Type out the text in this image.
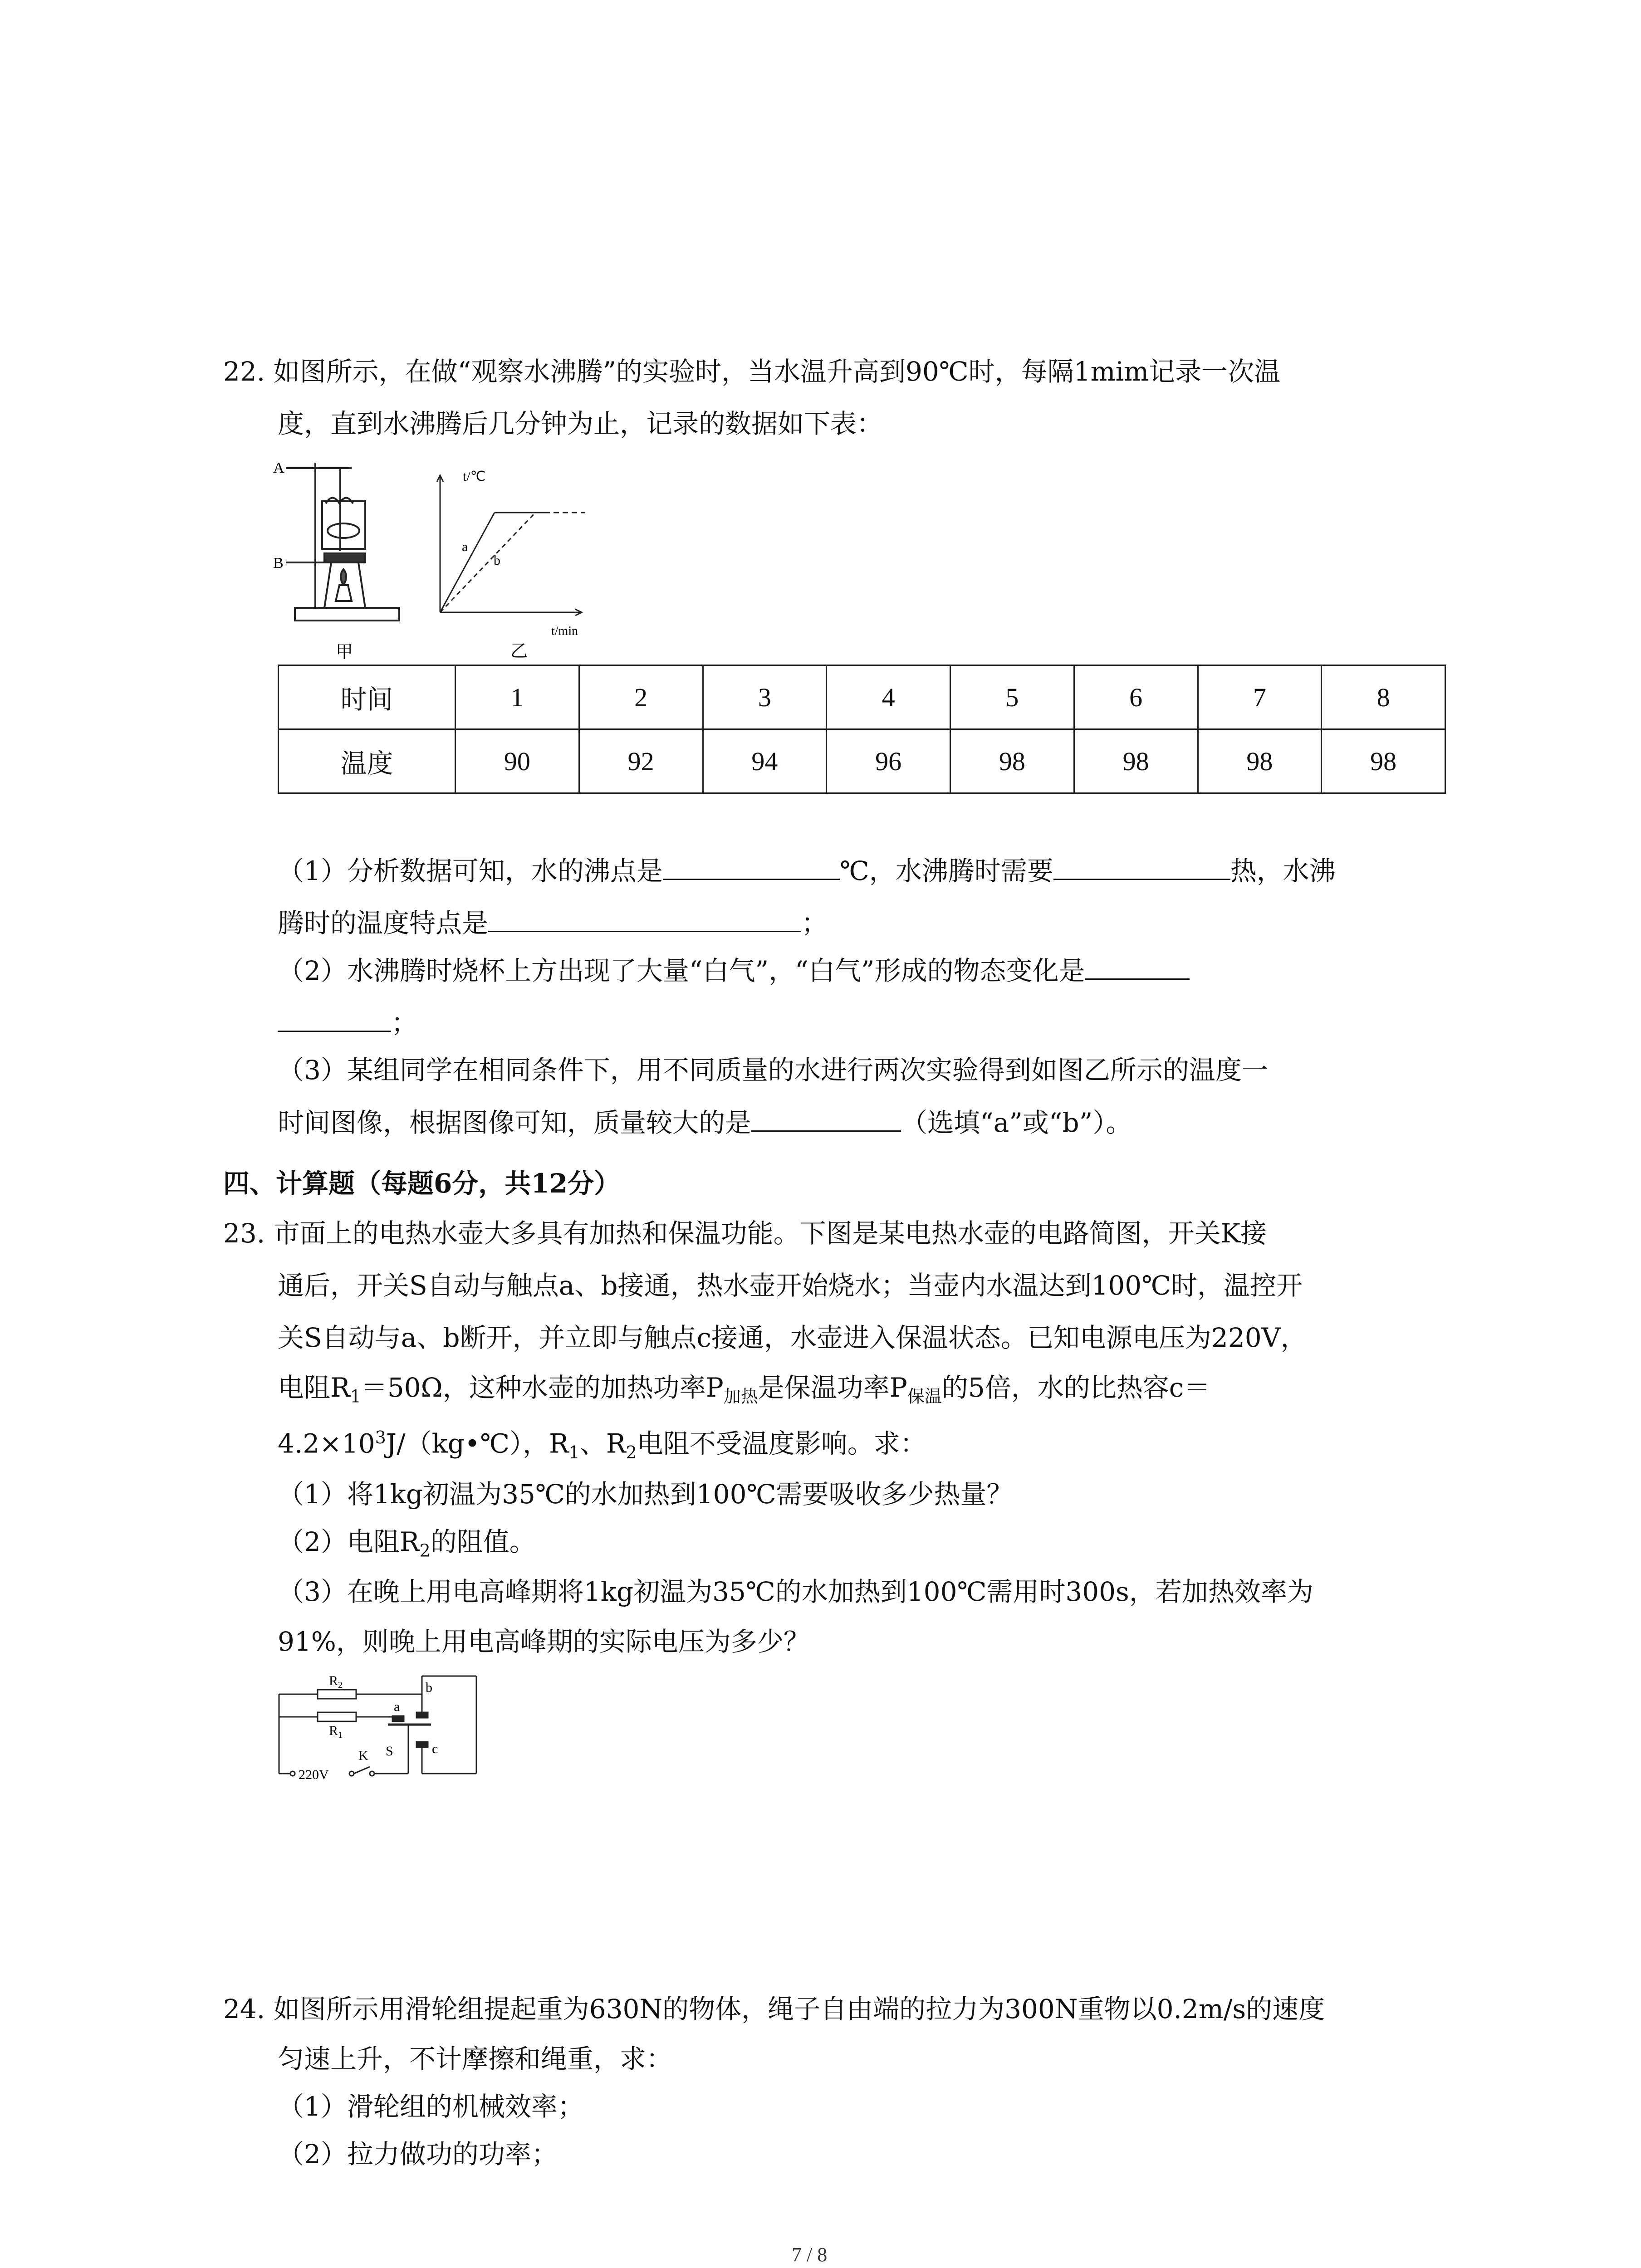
22. 如图所示，在做“观察水沸腾”的实验时，当水温升高到90℃时，每隔1mim记录一次温
度，直到水沸腾后几分钟为止，记录的数据如下表：
A
B
甲
t/℃
t/min
a
b
乙
时间	1	2	3	4	5	6	7	8
温度	90	92	94	96	98	98	98	98
（1）分析数据可知，水的沸点是	℃，水沸腾时需要	热，水沸
腾时的温度特点是	；
（2）水沸腾时烧杯上方出现了大量“白气”，“白气”形成的物态变化是
；
（3）某组同学在相同条件下，用不同质量的水进行两次实验得到如图乙所示的温度一
时间图像，根据图像可知，质量较大的是	（选填“a”或“b”）。
四、计算题（每题6分，共12分）
23. 市面上的电热水壶大多具有加热和保温功能。下图是某电热水壶的电路简图，开关K接
通后，开关S自动与触点a、b接通，热水壶开始烧水；当壶内水温达到100℃时，温控开
关S自动与a、b断开，并立即与触点c接通，水壶进入保温状态。已知电源电压为220V，
电阻$R_1=50\Omega$，这种水壶的加热功率$P_{加热}$是保温功率$P_{保温}$的5倍，水的比热容c＝
$4.2\times 10^3J/(kg•℃)$，$R_1$、$R_2$电阻不受温度影响。求：
（1）将1kg初温为35℃的水加热到100℃需要吸收多少热量？
（2）电阻$R_2$的阻值。
（3）在晚上用电高峰期将1kg初温为35℃的水加热到100℃需用时300s，若加热效率为
91%，则晚上用电高峰期的实际电压为多少？
$R_2$
$R_1$
a
b
c
S
K
220V
24. 如图所示用滑轮组提起重为630N的物体，绳子自由端的拉力为300N重物以0.2m/s的速度
匀速上升，不计摩擦和绳重，求：
（1）滑轮组的机械效率；
（2）拉力做功的功率；
7 / 8
